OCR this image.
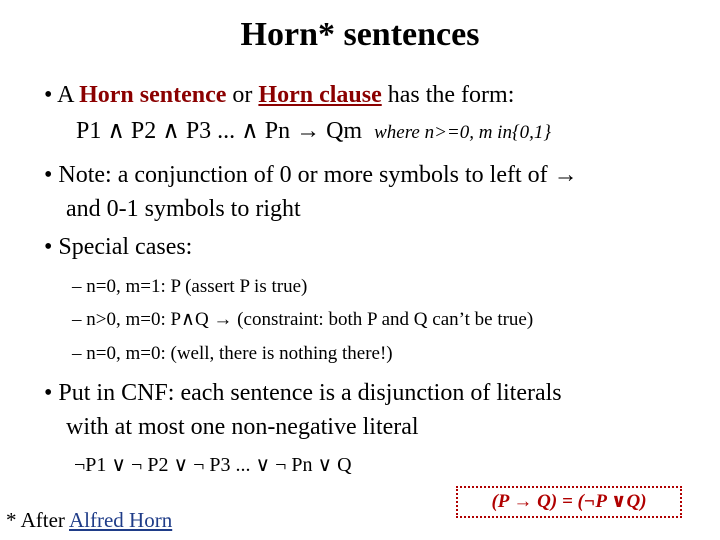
Horn* sentences
• A Horn sentence or Horn clause has the form:
P1 ∧ P2 ∧ P3 ... ∧ Pn → Qm where n>=0, m in{0,1}
• Note: a conjunction of 0 or more symbols to left of →
and 0-1 symbols to right
• Special cases:
– n=0, m=1: P (assert P is true)
– n>0, m=0: P∧Q → (constraint: both P and Q can’t be true)
– n=0, m=0: (well, there is nothing there!)
• Put in CNF: each sentence is a disjunction of literals
with at most one non-negative literal
¬P1 ∨ ¬ P2 ∨ ¬ P3 ... ∨ ¬ Pn ∨ Q
(P → Q) = (¬P ∨Q)
* After Alfred Horn
